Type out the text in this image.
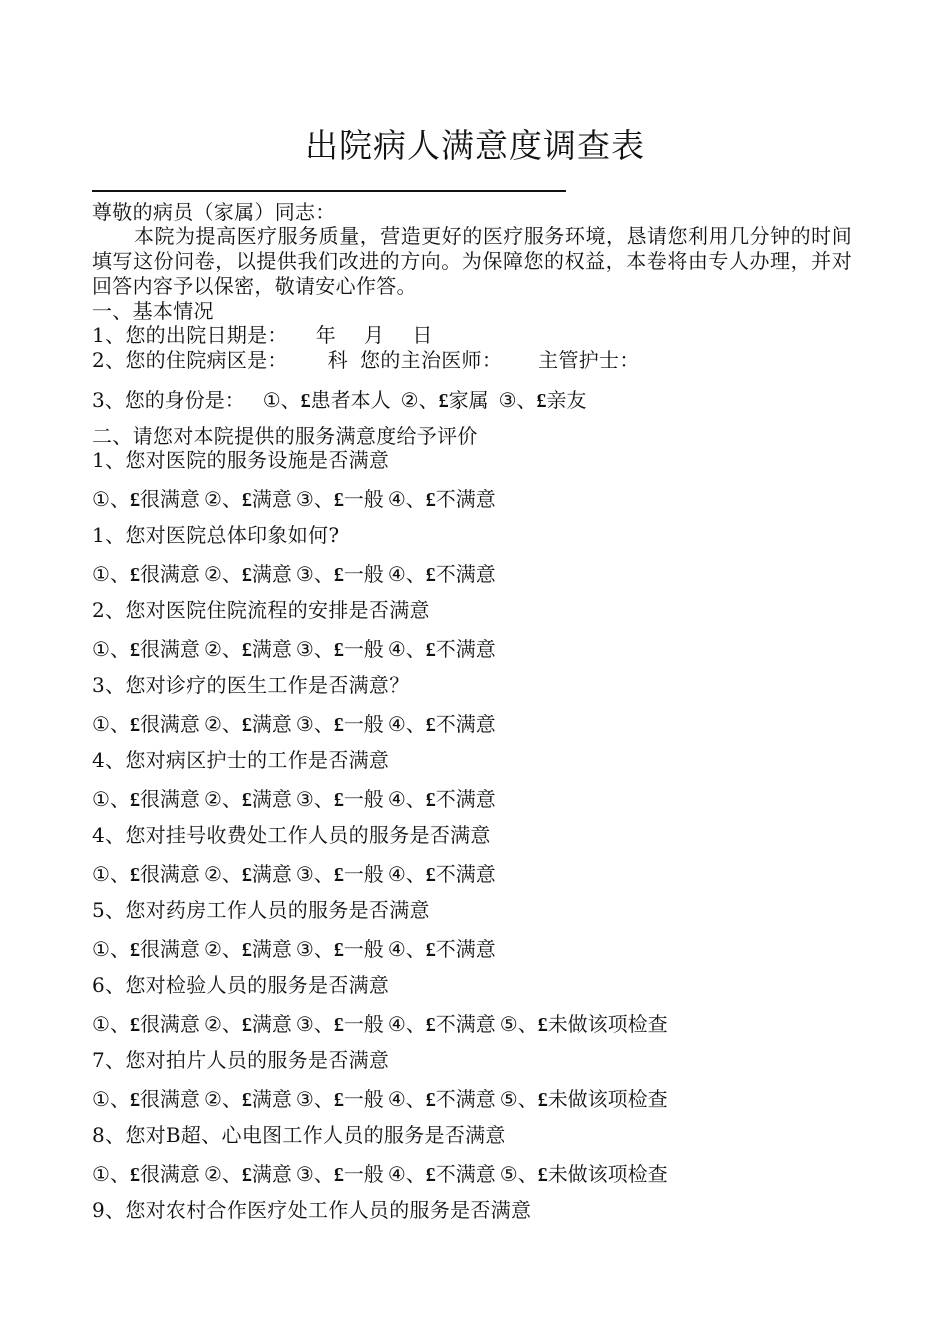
出院病人满意度调查表
尊敬的病员（家属）同志：
本院为提高医疗服务质量，营造更好的医疗服务环境，恳请您利用几分钟的时间填写这份问卷，以提供我们改进的方向。为保障您的权益，本卷将由专人办理，并对回答内容予以保密，敬请安心作答。
一、基本情况
1、您的出院日期是： 年 月 日
2、您的住院病区是： 科 您的主治医师： 主管护士：
3、您的身份是： ①、£患者本人 ②、£家属 ③、£亲友
二、请您对本院提供的服务满意度给予评价
1、您对医院的服务设施是否满意
①、£很满意 ②、£满意 ③、£一般 ④、£不满意
1、您对医院总体印象如何?
①、£很满意 ②、£满意 ③、£一般 ④、£不满意
2、您对医院住院流程的安排是否满意
①、£很满意 ②、£满意 ③、£一般 ④、£不满意
3、您对诊疗的医生工作是否满意？
①、£很满意 ②、£满意 ③、£一般 ④、£不满意
4、您对病区护士的工作是否满意
①、£很满意 ②、£满意 ③、£一般 ④、£不满意
4、您对挂号收费处工作人员的服务是否满意
①、£很满意 ②、£满意 ③、£一般 ④、£不满意
5、您对药房工作人员的服务是否满意
①、£很满意 ②、£满意 ③、£一般 ④、£不满意
6、您对检验人员的服务是否满意
①、£很满意 ②、£满意 ③、£一般 ④、£不满意 ⑤、£未做该项检查
7、您对拍片人员的服务是否满意
①、£很满意 ②、£满意 ③、£一般 ④、£不满意 ⑤、£未做该项检查
8、您对B超、心电图工作人员的服务是否满意
①、£很满意 ②、£满意 ③、£一般 ④、£不满意 ⑤、£未做该项检查
9、您对农村合作医疗处工作人员的服务是否满意
